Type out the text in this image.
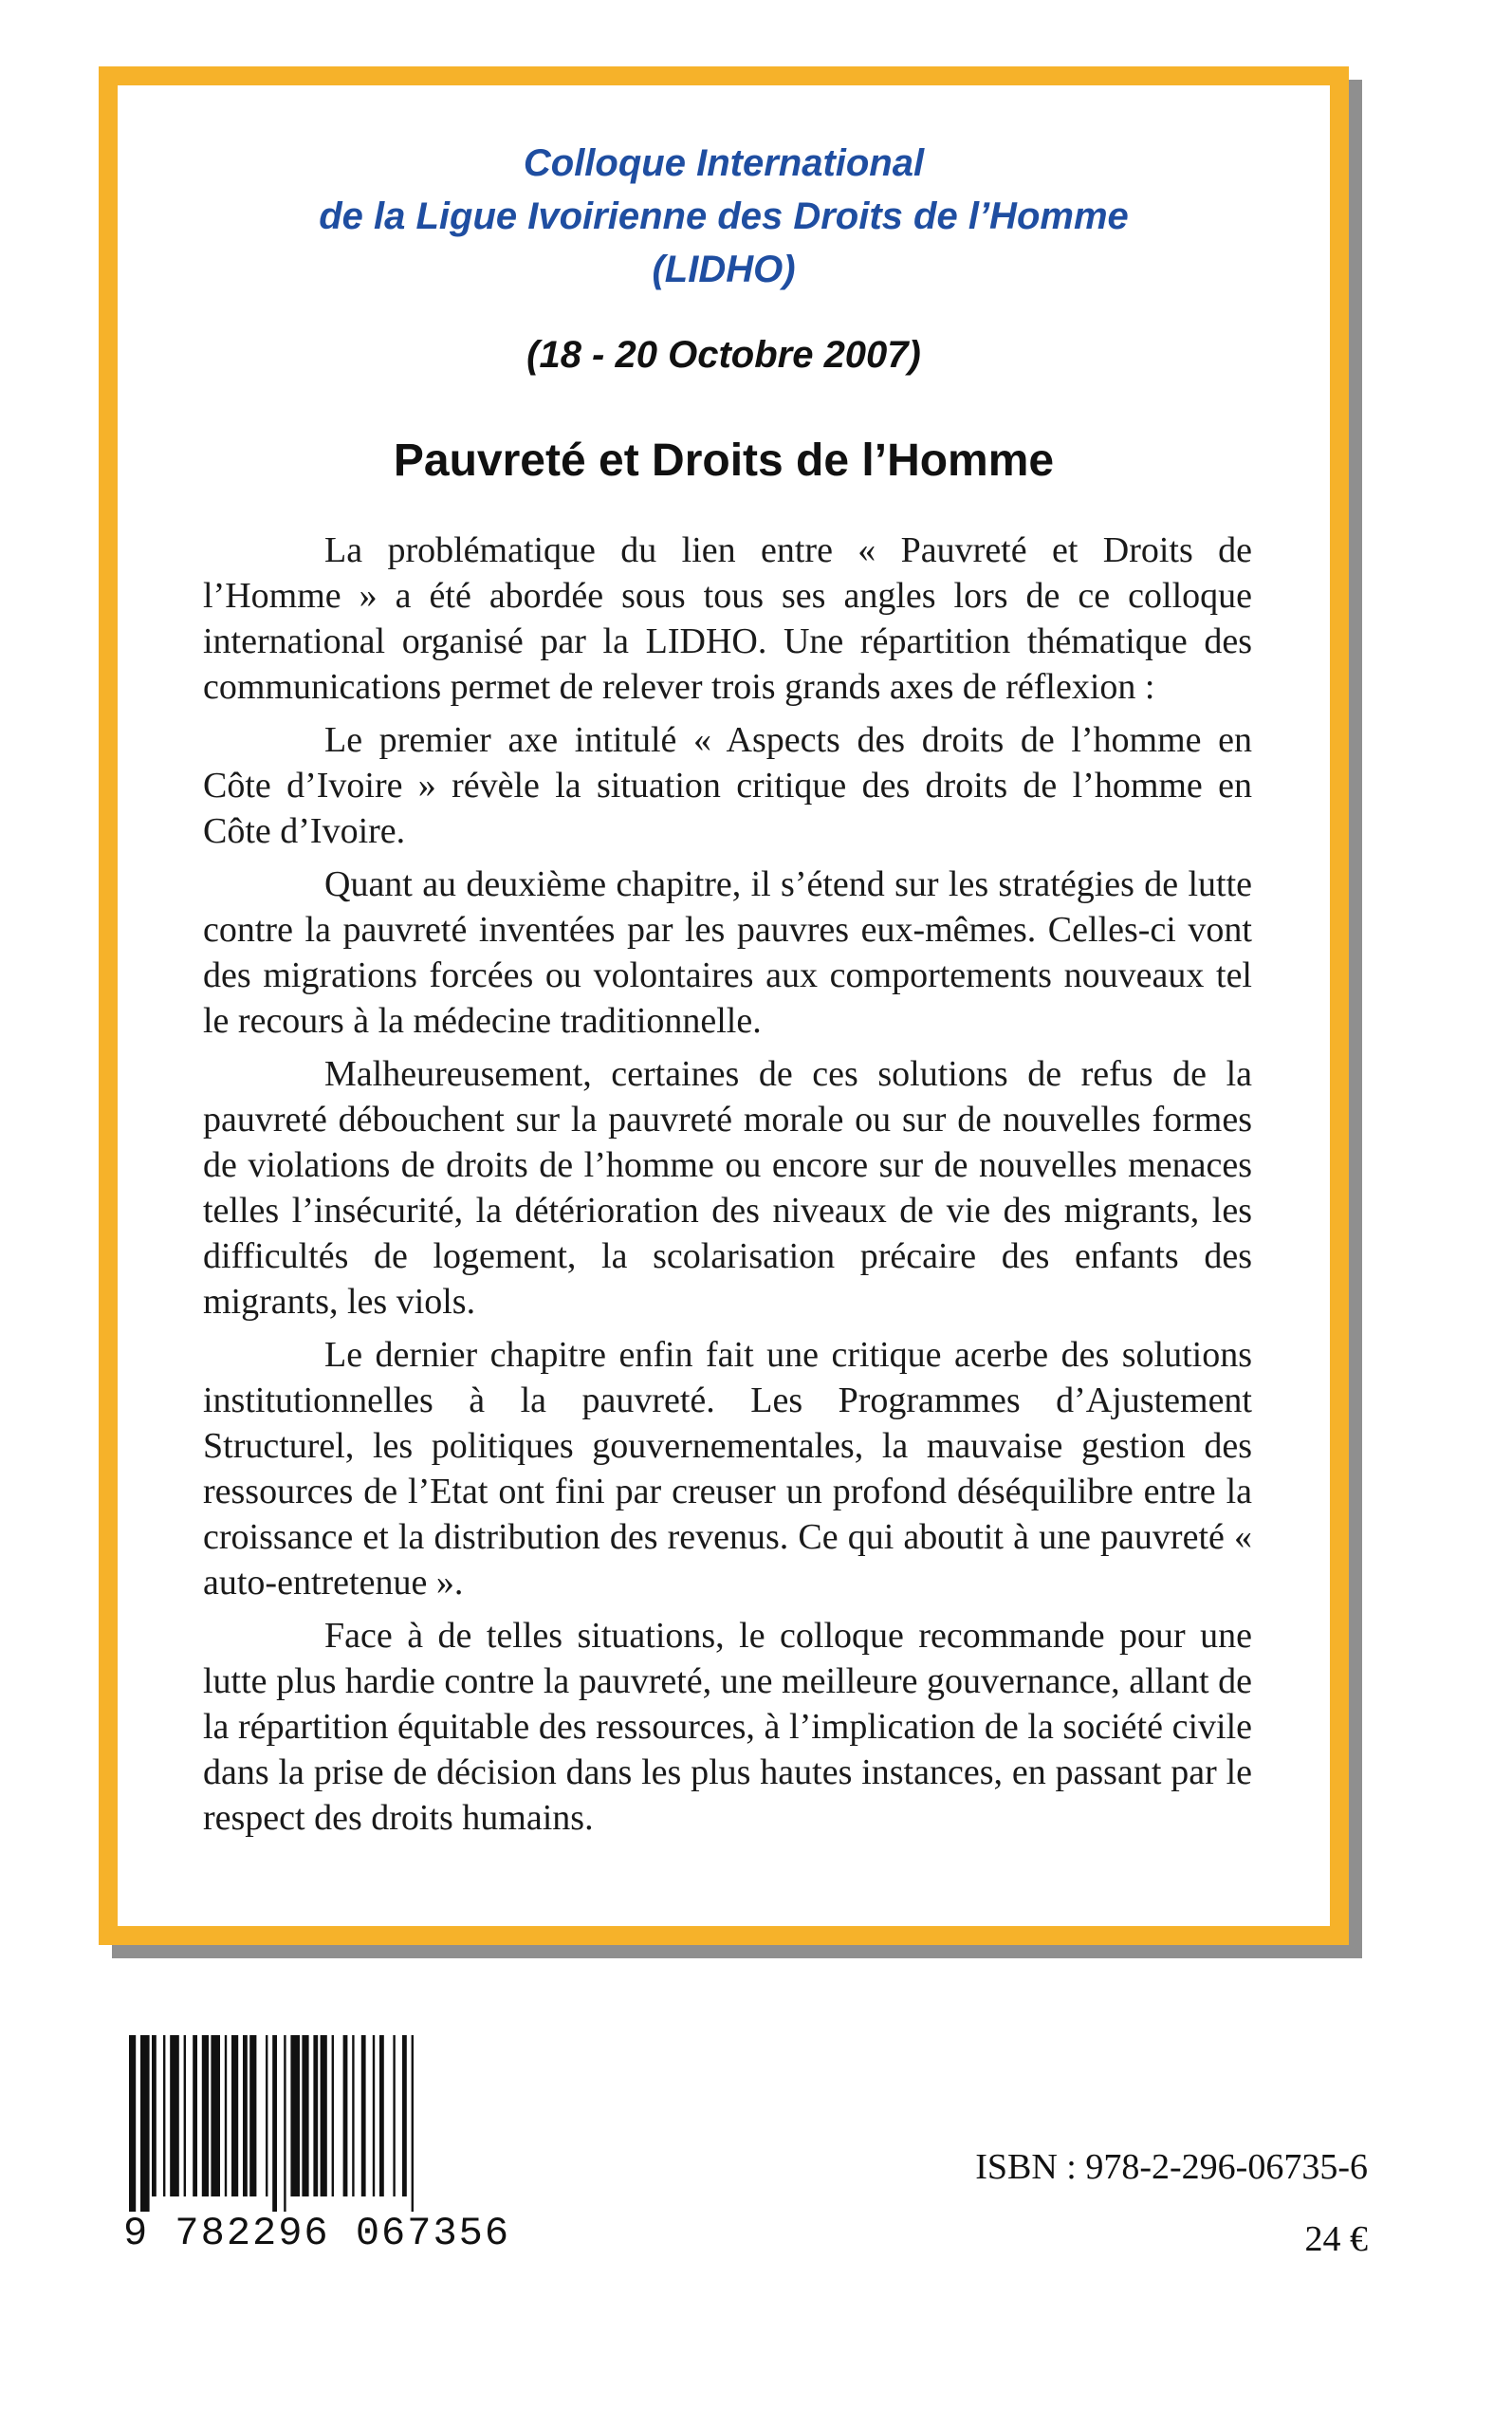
Colloque International
de la Ligue Ivoirienne des Droits de l’Homme
(LIDHO)
(18 - 20 Octobre 2007)
Pauvreté et Droits de l’Homme

La problématique du lien entre « Pauvreté et Droits de l’Homme » a été abordée sous tous ses angles lors de ce colloque international organisé par la LIDHO. Une répartition thématique des communications permet de relever trois grands axes de réflexion :

Le premier axe intitulé « Aspects des droits de l’homme en Côte d’Ivoire » révèle la situation critique des droits de l’homme en Côte d’Ivoire.

Quant au deuxième chapitre, il s’étend sur les stratégies de lutte contre la pauvreté inventées par les pauvres eux-mêmes. Celles-ci vont des migrations forcées ou volontaires aux comportements nouveaux tel le recours à la médecine traditionnelle.

Malheureusement, certaines de ces solutions de refus de la pauvreté débouchent sur la pauvreté morale ou sur de nouvelles formes de violations de droits de l’homme ou encore sur de nouvelles menaces telles l’insécurité, la détérioration des niveaux de vie des migrants, les difficultés de logement, la scolarisation précaire des enfants des migrants, les viols.

Le dernier chapitre enfin fait une critique acerbe des solutions institutionnelles à la pauvreté. Les Programmes d’Ajustement Structurel, les politiques gouvernementales, la mauvaise gestion des ressources de l’Etat ont fini par creuser un profond déséquilibre entre la croissance et la distribution des revenus. Ce qui aboutit à une pauvreté « auto-entretenue ».

Face à de telles situations, le colloque recommande pour une lutte plus hardie contre la pauvreté, une meilleure gouvernance, allant de la répartition équitable des ressources, à l’implication de la société civile dans la prise de décision dans les plus hautes instances, en passant par le respect des droits humains.

9 782296 067356
ISBN : 978-2-296-06735-6
24 €
